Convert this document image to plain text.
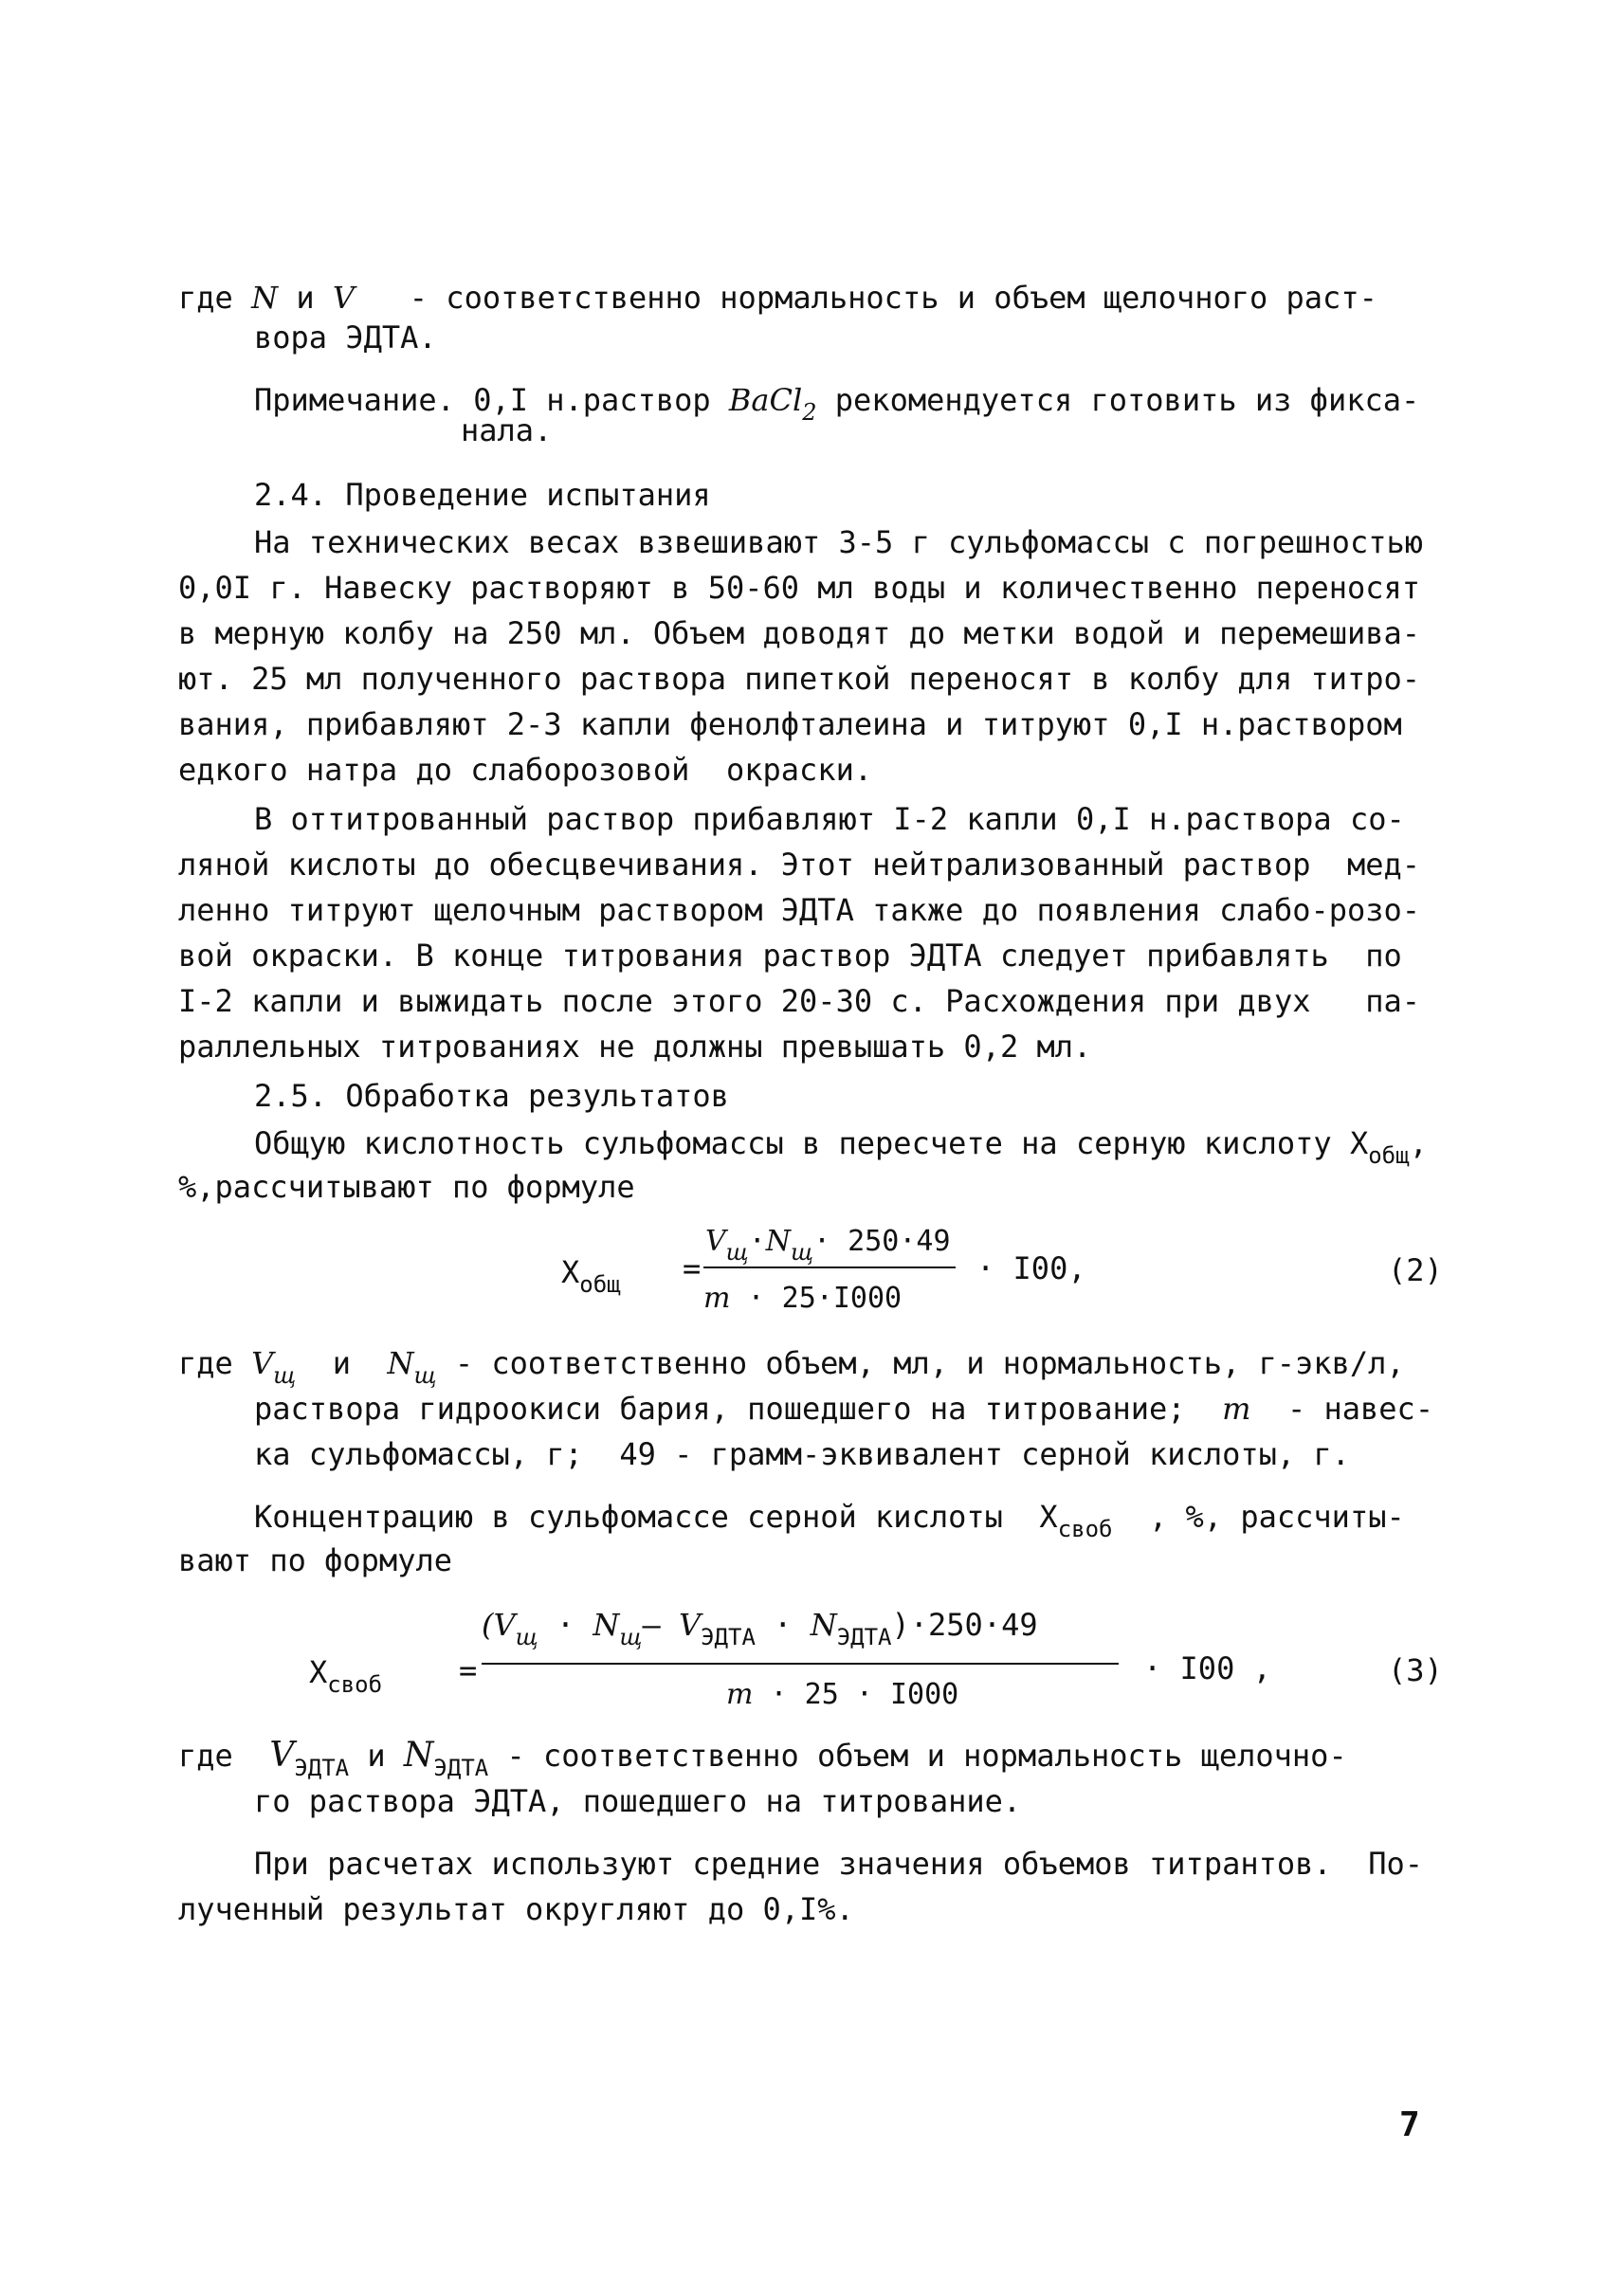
где N и V   - соответственно нормальность и объем щелочного раст-
вора ЭДТА.
Примечание. 0,I н.раствор BaCl$_2$ рекомендуется готовить из фикса-
нала.
2.4. Проведение испытания
На технических весах взвешивают 3-5 г сульфомассы с погрешностью
0,0I г. Навеску растворяют в 50-60 мл воды и количественно переносят
в мерную колбу на 250 мл. Объем доводят до метки водой и перемешива-
ют. 25 мл полученного раствора пипеткой переносят в колбу для титро-
вания, прибавляют 2-3 капли фенолфталеина и титруют 0,I н.раствором
едкого натра до слаборозовой  окраски.
В оттитрованный раствор прибавляют I-2 капли 0,I н.раствора со-
ляной кислоты до обесцвечивания. Этот нейтрализованный раствор  мед-
ленно титруют щелочным раствором ЭДТА также до появления слабо-розо-
вой окраски. В конце титрования раствор ЭДТА следует прибавлять  по
I-2 капли и выжидать после этого 20-30 с. Расхождения при двух   па-
раллельных титрованиях не должны превышать 0,2 мл.
2.5. Обработка результатов
Общую кислотность сульфомассы в пересчете на серную кислоту $Х_{общ}$,
%,рассчитывают по формуле
$Х_{общ}$ =
$V_щ\cdot N_щ\cdot 250\cdot 49$
m · 25·I000
· I00,	(2)
где $V_щ$  и  $N_щ$ - соответственно объем, мл, и нормальность, г-экв/л,
раствора гидроокиси бария, пошедшего на титрование;  m  - навес-
ка сульфомассы, г;  49 - грамм-эквивалент серной кислоты, г.
Концентрацию в сульфомассе серной кислоты  $Х_{своб}$  , %, рассчиты-
вают по формуле
$Х_{своб}$	=
($V_щ \cdot N_щ-$ $V_{ЭДТА} \cdot N_{ЭДТА})\cdot 250\cdot 49$
m · 25 · I000
· I00 ,	(3)
где  $V_{ЭДТА}$ и $N_{ЭДТА}$ - соответственно объем и нормальность щелочно-
го раствора ЭДТА, пошедшего на титрование.
При расчетах используют средние значения объемов титрантов.  По-
лученный результат округляют до 0,I%.
7
